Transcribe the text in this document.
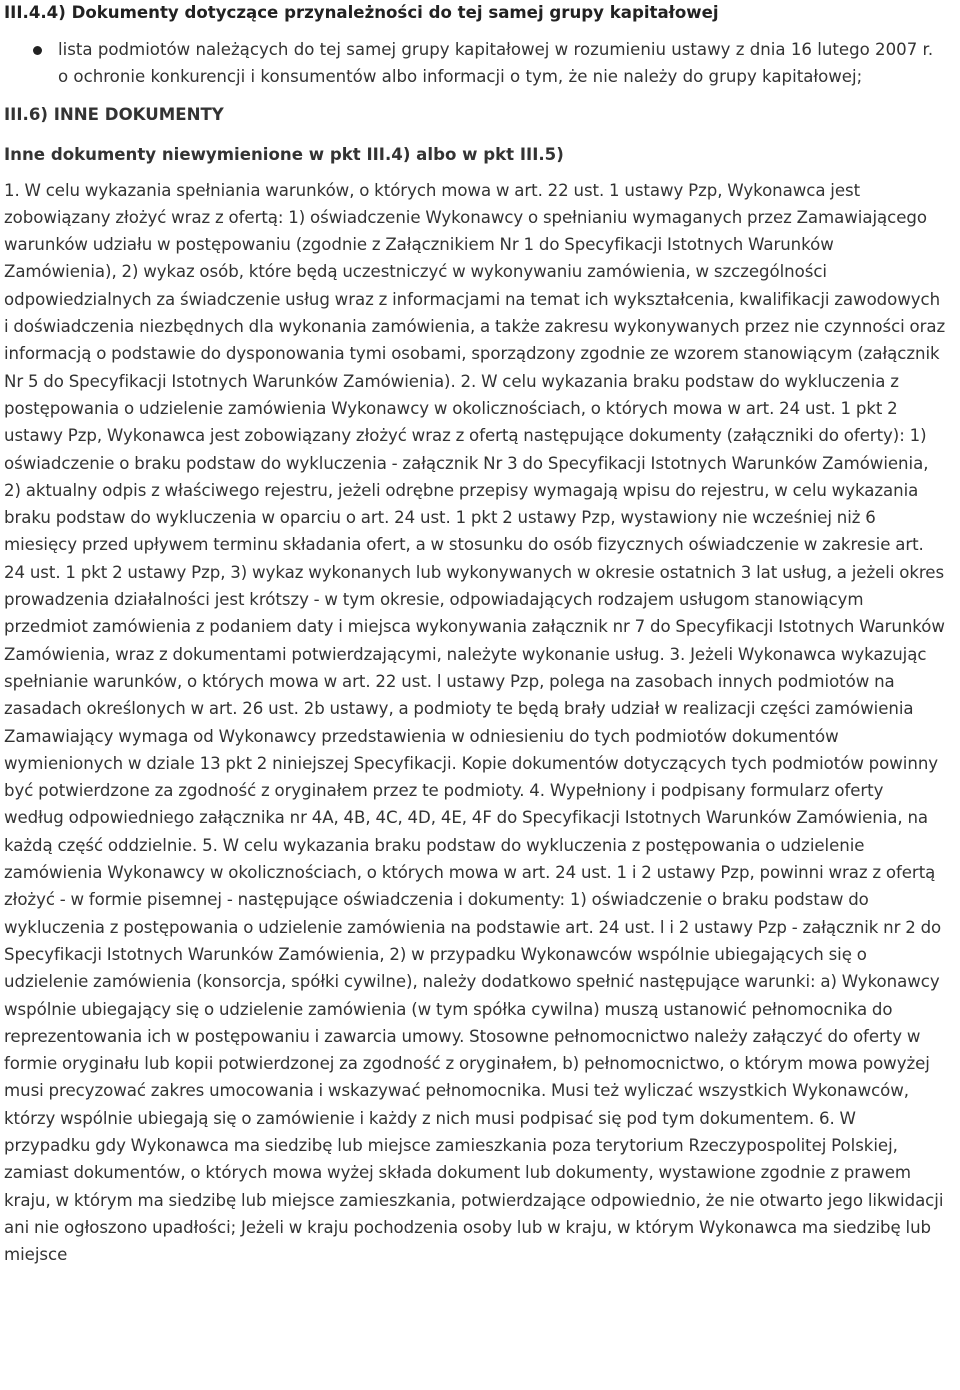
III.4.4) Dokumenty dotyczące przynależności do tej samej grupy kapitałowej
lista podmiotów należących do tej samej grupy kapitałowej w rozumieniu ustawy z dnia 16 lutego 2007 r. o ochronie konkurencji i konsumentów albo informacji o tym, że nie należy do grupy kapitałowej;
III.6) INNE DOKUMENTY
Inne dokumenty niewymienione w pkt III.4) albo w pkt III.5)

1. W celu wykazania spełniania warunków, o których mowa w art. 22 ust. 1 ustawy Pzp, Wykonawca jest zobowiązany złożyć wraz z ofertą: 1) oświadczenie Wykonawcy o spełnianiu wymaganych przez Zamawiającego warunków udziału w postępowaniu (zgodnie z Załącznikiem Nr 1 do Specyfikacji Istotnych Warunków Zamówienia), 2) wykaz osób, które będą uczestniczyć w wykonywaniu zamówienia, w szczególności odpowiedzialnych za świadczenie usług wraz z informacjami na temat ich wykształcenia, kwalifikacji zawodowych i doświadczenia niezbędnych dla wykonania zamówienia, a także zakresu wykonywanych przez nie czynności oraz informacją o podstawie do dysponowania tymi osobami, sporządzony zgodnie ze wzorem stanowiącym (załącznik Nr 5 do Specyfikacji Istotnych Warunków Zamówienia). 2. W celu wykazania braku podstaw do wykluczenia z postępowania o udzielenie zamówienia Wykonawcy w okolicznościach, o których mowa w art. 24 ust. 1 pkt 2 ustawy Pzp, Wykonawca jest zobowiązany złożyć wraz z ofertą następujące dokumenty (załączniki do oferty): 1) oświadczenie o braku podstaw do wykluczenia - załącznik Nr 3 do Specyfikacji Istotnych Warunków Zamówienia, 2) aktualny odpis z właściwego rejestru, jeżeli odrębne przepisy wymagają wpisu do rejestru, w celu wykazania braku podstaw do wykluczenia w oparciu o art. 24 ust. 1 pkt 2 ustawy Pzp, wystawiony nie wcześniej niż 6 miesięcy przed upływem terminu składania ofert, a w stosunku do osób fizycznych oświadczenie w zakresie art. 24 ust. 1 pkt 2 ustawy Pzp, 3) wykaz wykonanych lub wykonywanych w okresie ostatnich 3 lat usług, a jeżeli okres prowadzenia działalności jest krótszy - w tym okresie, odpowiadających rodzajem usługom stanowiącym przedmiot zamówienia z podaniem daty i miejsca wykonywania załącznik nr 7 do Specyfikacji Istotnych Warunków Zamówienia, wraz z dokumentami potwierdzającymi, należyte wykonanie usług. 3. Jeżeli Wykonawca wykazując spełnianie warunków, o których mowa w art. 22 ust. l ustawy Pzp, polega na zasobach innych podmiotów na zasadach określonych w art. 26 ust. 2b ustawy, a podmioty te będą brały udział w realizacji części zamówienia Zamawiający wymaga od Wykonawcy przedstawienia w odniesieniu do tych podmiotów dokumentów wymienionych w dziale 13 pkt 2 niniejszej Specyfikacji. Kopie dokumentów dotyczących tych podmiotów powinny być potwierdzone za zgodność z oryginałem przez te podmioty. 4. Wypełniony i podpisany formularz oferty według odpowiedniego załącznika nr 4A, 4B, 4C, 4D, 4E, 4F do Specyfikacji Istotnych Warunków Zamówienia, na każdą część oddzielnie. 5. W celu wykazania braku podstaw do wykluczenia z postępowania o udzielenie zamówienia Wykonawcy w okolicznościach, o których mowa w art. 24 ust. 1 i 2 ustawy Pzp, powinni wraz z ofertą złożyć - w formie pisemnej - następujące oświadczenia i dokumenty: 1) oświadczenie o braku podstaw do wykluczenia z postępowania o udzielenie zamówienia na podstawie art. 24 ust. l i 2 ustawy Pzp - załącznik nr 2 do Specyfikacji Istotnych Warunków Zamówienia, 2) w przypadku Wykonawców wspólnie ubiegających się o udzielenie zamówienia (konsorcja, spółki cywilne), należy dodatkowo spełnić następujące warunki: a) Wykonawcy wspólnie ubiegający się o udzielenie zamówienia (w tym spółka cywilna) muszą ustanowić pełnomocnika do reprezentowania ich w postępowaniu i zawarcia umowy. Stosowne pełnomocnictwo należy załączyć do oferty w formie oryginału lub kopii potwierdzonej za zgodność z oryginałem, b) pełnomocnictwo, o którym mowa powyżej musi precyzować zakres umocowania i wskazywać pełnomocnika. Musi też wyliczać wszystkich Wykonawców, którzy wspólnie ubiegają się o zamówienie i każdy z nich musi podpisać się pod tym dokumentem. 6. W przypadku gdy Wykonawca ma siedzibę lub miejsce zamieszkania poza terytorium Rzeczypospolitej Polskiej, zamiast dokumentów, o których mowa wyżej składa dokument lub dokumenty, wystawione zgodnie z prawem kraju, w którym ma siedzibę lub miejsce zamieszkania, potwierdzające odpowiednio, że nie otwarto jego likwidacji ani nie ogłoszono upadłości; Jeżeli w kraju pochodzenia osoby lub w kraju, w którym Wykonawca ma siedzibę lub miejsce
